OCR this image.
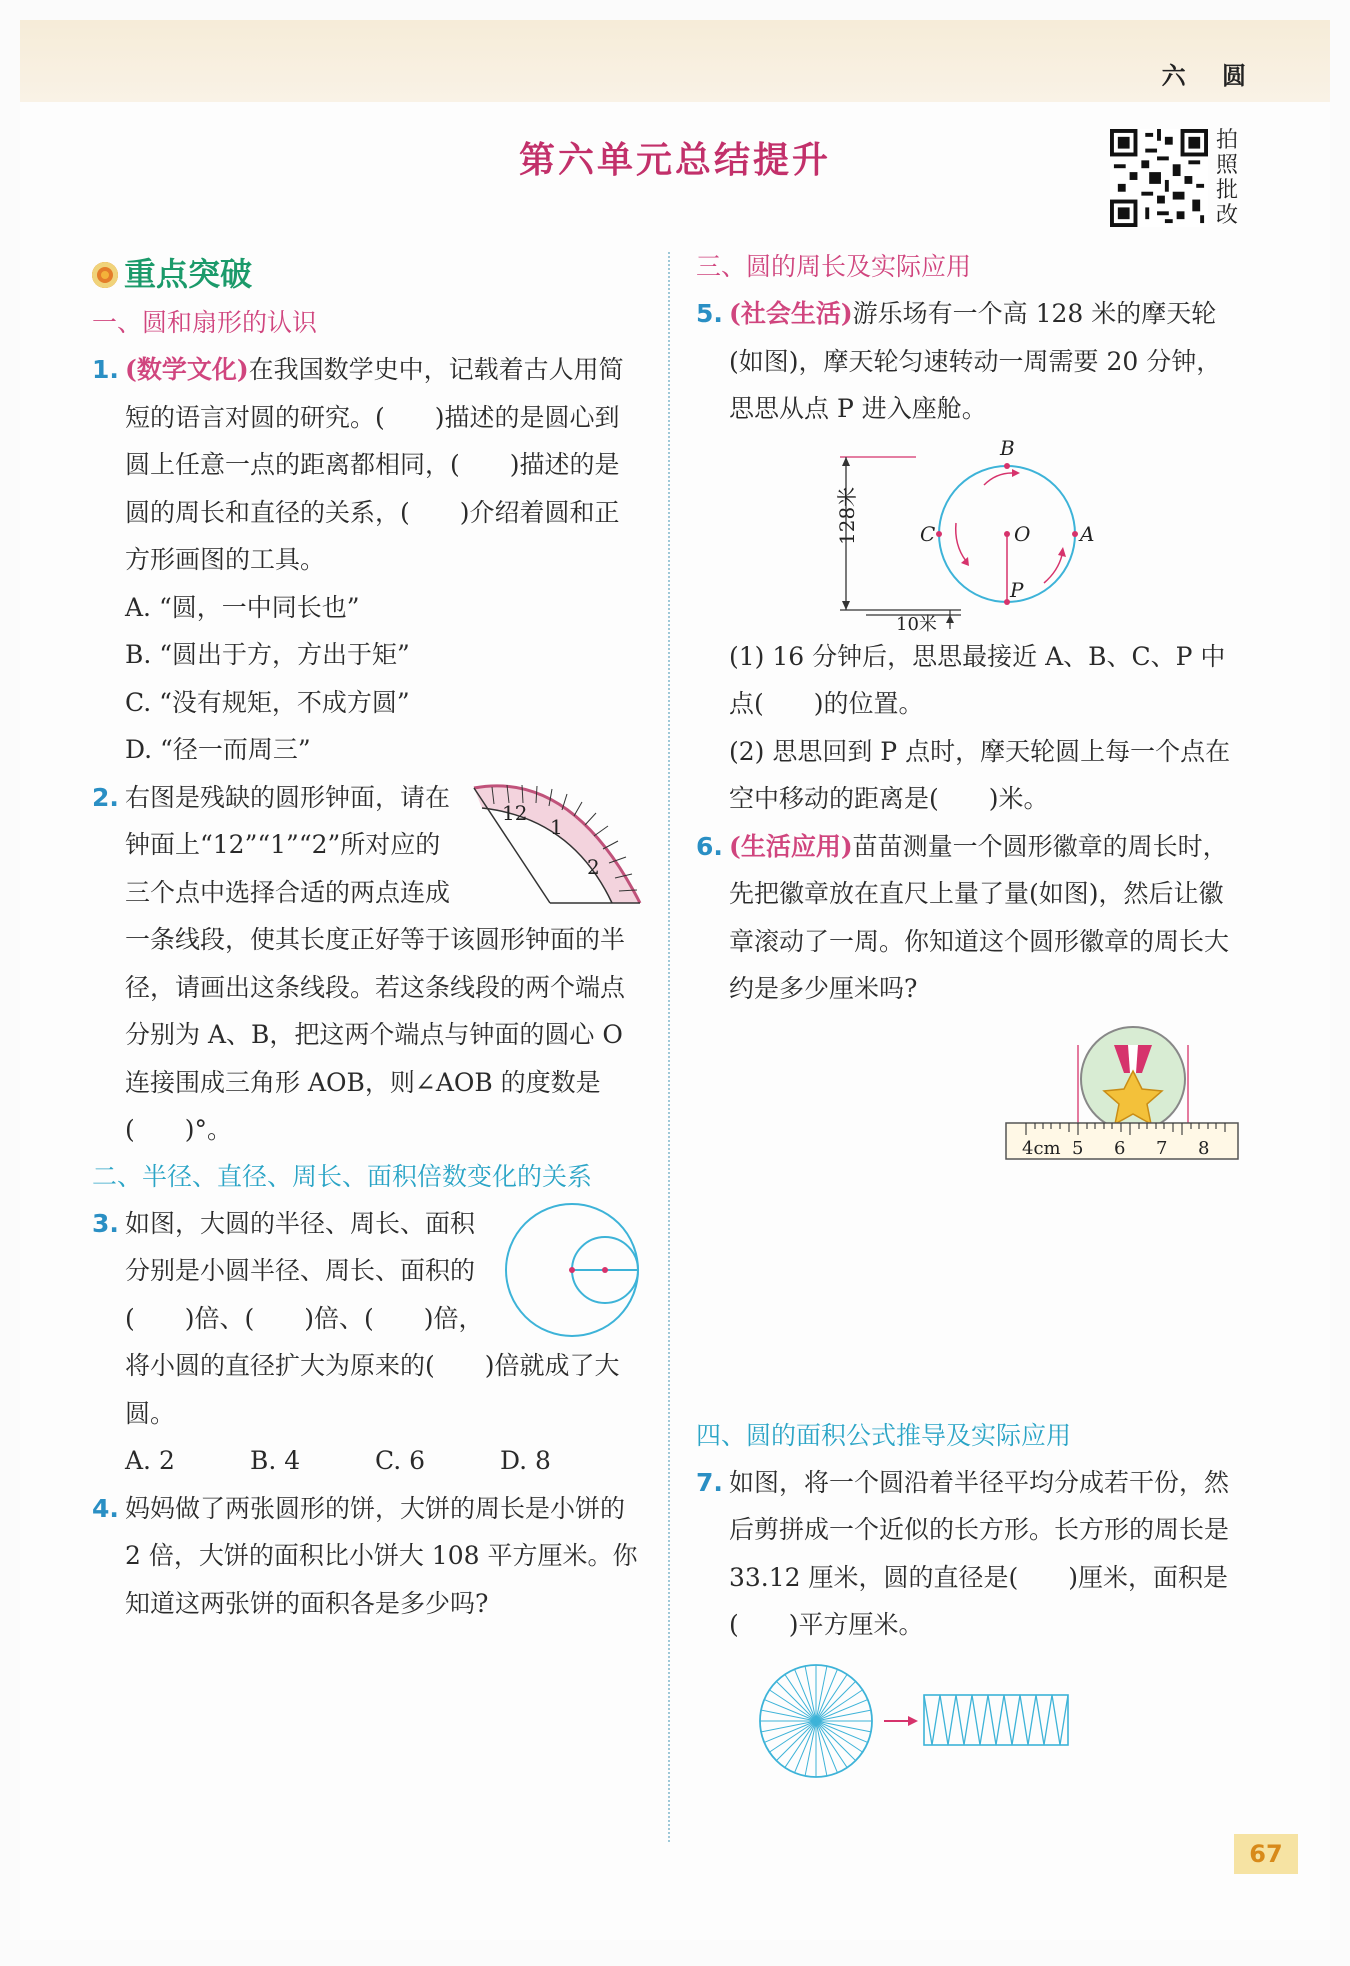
六 圆
第六单元总结提升	拍照批改
重点突破
一、圆和扇形的认识
1. (数学文化)在我国数学史中，记载着古人用简短的语言对圆的研究。(　　)描述的是圆心到圆上任意一点的距离都相同，(　　)描述的是圆的周长和直径的关系，(　　)介绍着圆和正方形画图的工具。
A. “圆，一中同长也”
B. “圆出于方，方出于矩”
C. “没有规矩，不成方圆”
D. “径一而周三”
2.
12
1
2
右图是残缺的圆形钟面，请在钟面上“12”“1”“2”所对应的三个点中选择合适的两点连成一条线段，使其长度正好等于该圆形钟面的半径，请画出这条线段。若这条线段的两个端点分别为 A、B，把这两个端点与钟面的圆心 O 连接围成三角形 AOB，则∠AOB 的度数是(　　)°。
二、半径、直径、周长、面积倍数变化的关系
3. 如图，大圆的半径、周长、面积分别是小圆半径、周长、面积的(　　)倍、(　　)倍、(　　)倍，将小圆的直径扩大为原来的(　　)倍就成了大圆。
A. 2	B. 4	C. 6	D. 8
4. 妈妈做了两张圆形的饼，大饼的周长是小饼的 2 倍，大饼的面积比小饼大 108 平方厘米。你知道这两张饼的面积各是多少吗?
三、圆的周长及实际应用
5. (社会生活)游乐场有一个高 128 米的摩天轮(如图)，摩天轮匀速转动一周需要 20 分钟，思思从点 P 进入座舱。
128米
B
C	O A
P
10米
(1) 16 分钟后，思思最接近 A、B、C、P 中点(　　)的位置。
(2) 思思回到 P 点时，摩天轮圆上每一个点在空中移动的距离是(　　)米。
6. (生活应用)苗苗测量一个圆形徽章的周长时，先把徽章放在直尺上量了量(如图)，然后让徽章滚动了一周。你知道这个圆形徽章的周长大约是多少厘米吗?
4cm 5 6 7 8
四、圆的面积公式推导及实际应用
7. 如图，将一个圆沿着半径平均分成若干份，然后剪拼成一个近似的长方形。长方形的周长是 33.12 厘米，圆的直径是(　　)厘米，面积是(　　)平方厘米。
67
